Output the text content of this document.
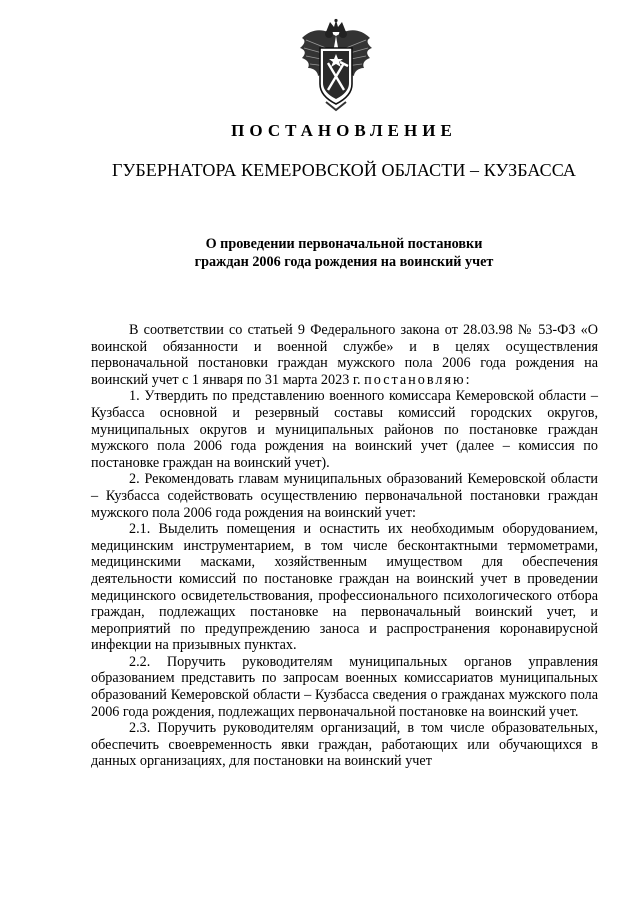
ПОСТАНОВЛЕНИЕ
ГУБЕРНАТОРА КЕМЕРОВСКОЙ ОБЛАСТИ – КУЗБАССА
О проведении первоначальной постановки
граждан 2006 года рождения на воинский учет

В соответствии со статьей 9 Федерального закона от 28.03.98 № 53-ФЗ «О воинской обязанности и военной службе» и в целях осуществления первоначальной постановки граждан мужского пола 2006 года рождения на воинский учет с 1 января по 31 марта 2023 г. постановляю:

1. Утвердить по представлению военного комиссара Кемеровской области – Кузбасса основной и резервный составы комиссий городских округов, муниципальных округов и муниципальных районов по постановке граждан мужского пола 2006 года рождения на воинский учет (далее – комиссия по постановке граждан на воинский учет).

2. Рекомендовать главам муниципальных образований Кемеровской области – Кузбасса содействовать осуществлению первоначальной постановки граждан мужского пола 2006 года рождения на воинский учет:

2.1. Выделить помещения и оснастить их необходимым оборудованием, медицинским инструментарием, в том числе бесконтактными термометрами, медицинскими масками, хозяйственным имуществом для обеспечения деятельности комиссий по постановке граждан на воинский учет в проведении медицинского освидетельствования, профессионального психологического отбора граждан, подлежащих постановке на первоначальный воинский учет, и мероприятий по предупреждению заноса и распространения коронавирусной инфекции на призывных пунктах.

2.2. Поручить руководителям муниципальных органов управления образованием представить по запросам военных комиссариатов муниципальных образований Кемеровской области – Кузбасса сведения о гражданах мужского пола 2006 года рождения, подлежащих первоначальной постановке на воинский учет.

2.3. Поручить руководителям организаций, в том числе образовательных, обеспечить своевременность явки граждан, работающих или обучающихся в данных организациях, для постановки на воинский учет
